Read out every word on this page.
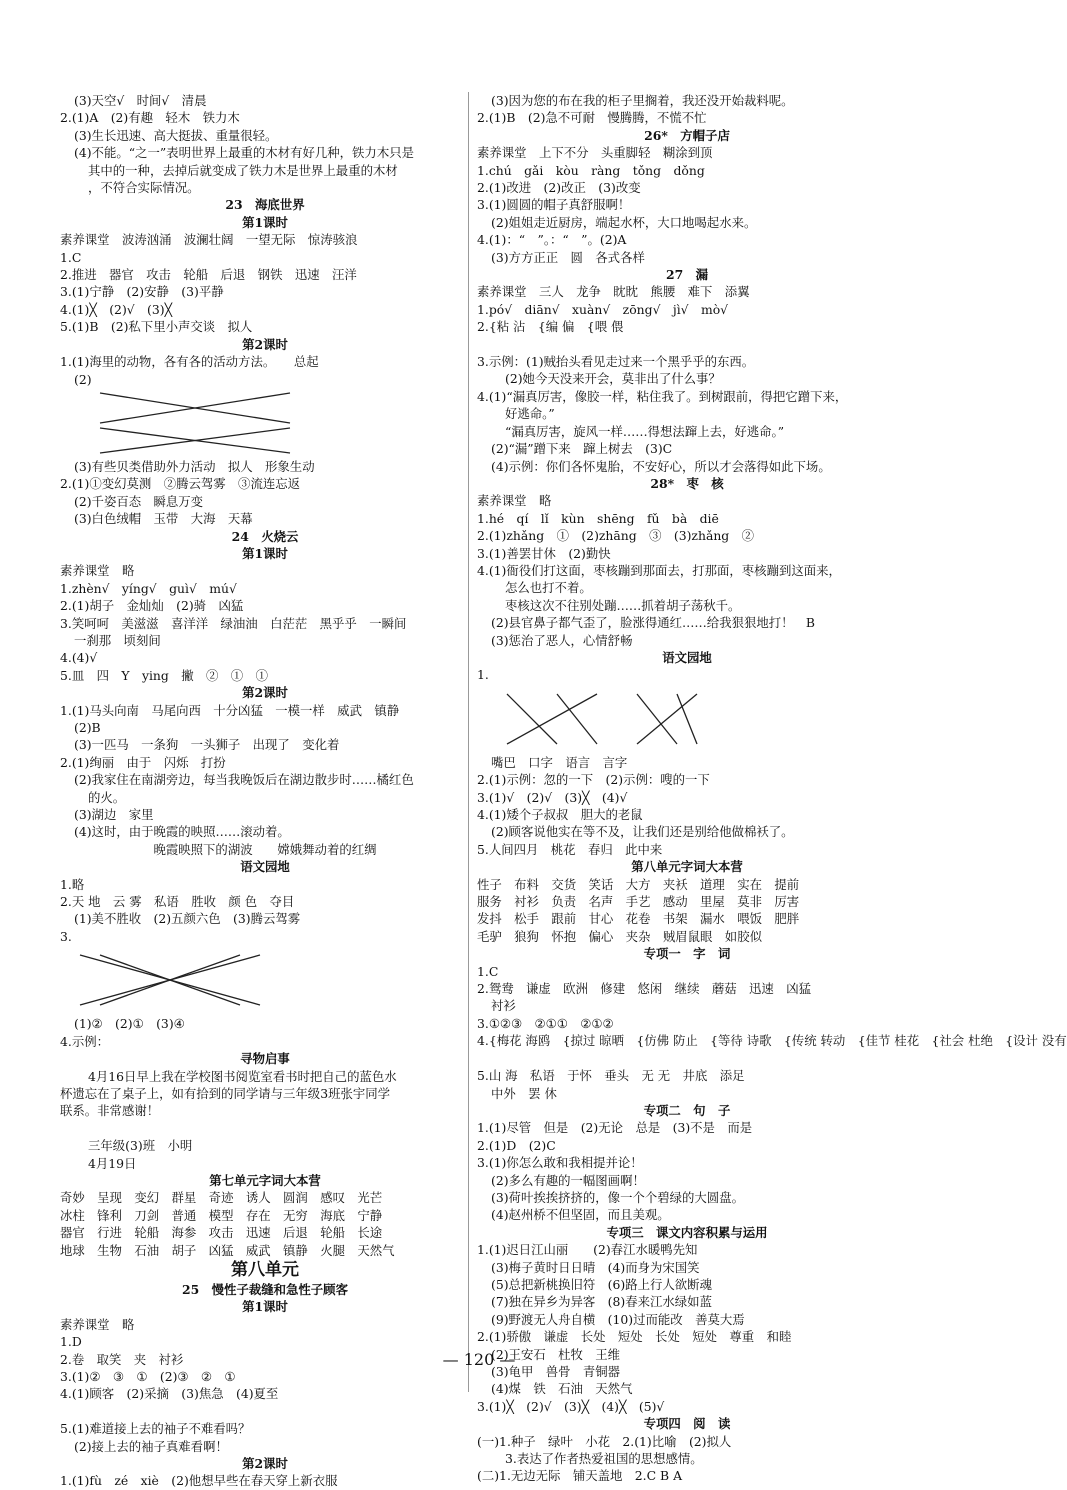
(3)天空√　时间√　清晨
2.(1)A　(2)有趣　轻木　铁力木
(3)生长迅速、高大挺拔、重量很轻。
(4)不能。“之一”表明世界上最重的木材有好几种，铁力木只是
其中的一种，去掉后就变成了铁力木是世界上最重的木材
，不符合实际情况。
23　海底世界
第1课时
素养课堂　波涛汹涌　波澜壮阔　一望无际　惊涛骇浪
1.C
2.推进　器官　攻击　轮船　后退　钢铁　迅速　汪洋
3.(1)宁静　(2)安静　(3)平静
4.(1)╳　(2)√　(3)╳
5.(1)B　(2)私下里小声交谈　拟人
第2课时
1.(1)海里的动物，各有各的活动方法。　　总起
(2)
(3)有些贝类借助外力活动　拟人　形象生动
2.(1)①变幻莫测　②腾云驾雾　③流连忘返
(2)千姿百态　瞬息万变
(3)白色绒帽　玉带　大海　天幕
24　火烧云
第1课时
素养课堂　略
1.zhèn√　yíng√　guì√　mú√
2.(1)胡子　金灿灿　(2)骑　凶猛
3.笑呵呵　美滋滋　喜洋洋　绿油油　白茫茫　黑乎乎　一瞬间
一刹那　顷刻间
4.(4)√
5.皿　四　Y　ying　撇　②　①　①
第2课时
1.(1)马头向南　马尾向西　十分凶猛　一模一样　威武　镇静
(2)B
(3)一匹马　一条狗　一头狮子　出现了　变化着
2.(1)绚丽　由于　闪烁　打扮
(2)我家住在南湖旁边，每当我晚饭后在湖边散步时……橘红色
的火。
(3)湖边　家里
(4)这时，由于晚霞的映照……滚动着。
晚霞映照下的湖波　　嫦娥舞动着的红绸
语文园地
1.略
2.天 地　云 雾　私语　胜收　颜 色　夺目
(1)美不胜收　(2)五颜六色　(3)腾云驾雾
3.
(1)②　(2)①　(3)④
4.示例：
寻物启事
4月16日早上我在学校图书阅览室看书时把自己的蓝色水
杯遗忘在了桌子上，如有拾到的同学请与三年级3班张宇同学
联系。非常感谢！
三年级(3)班　小明
4月19日
第七单元字词大本营
奇妙　呈现　变幻　群星　奇迹　诱人　圆润　感叹　光芒
冰柱　锋利　刀剑　普通　模型　存在　无穷　海底　宁静
器官　行进　轮船　海参　攻击　迅速　后退　轮船　长途
地球　生物　石油　胡子　凶猛　威武　镇静　火腿　天然气
第八单元
25　慢性子裁缝和急性子顾客
第1课时
素养课堂　略
1.D
2.卷　取笑　夹　衬衫
3.(1)②　③　①　(2)③　②　①
4.(1)顾客　(2)采摘　(3)焦急　(4)夏至
5.(1)难道接上去的袖子不难看吗？
(2)接上去的袖子真难看啊！
第2课时
1.(1)fù　zé　xiè　(2)他想早些在春天穿上新衣服
(3)因为您的布在我的柜子里搁着，我还没开始裁料呢。
2.(1)B　(2)急不可耐　慢腾腾，不慌不忙
26*　方帽子店
素养课堂　上下不分　头重脚轻　糊涂到顶
1.chú　gǎi　kòu　ràng　tǒng　dǒng
2.(1)改进　(2)改正　(3)改变
3.(1)圆圆的帽子真舒服啊！
(2)姐姐走近厨房，端起水杯，大口地喝起水来。
4.(1)：“　”。：“　”。(2)A
(3)方方正正　圆　各式各样
27　漏
素养课堂　三人　龙争　眈眈　熊腰　难下　添翼
1.pó√　diān√　xuàn√　zōng√　jì√　mò√
2.{粘 沾　{编 偏　{喂 偎
3.示例：(1)贼抬头看见走过来一个黑乎乎的东西。
(2)她今天没来开会，莫非出了什么事？
4.(1)“漏真厉害，像胶一样，粘住我了。到树跟前，得把它蹭下来，
好逃命。”
“漏真厉害，旋风一样……得想法蹿上去，好逃命。”
(2)“漏”蹭下来　蹿上树去　(3)C
(4)示例：你们各怀鬼胎，不安好心，所以才会落得如此下场。
28*　枣　核
素养课堂　略
1.hé　qí　lǐ　kùn　shēng　fǔ　bà　diē
2.(1)zhǎng　①　(2)zhāng　③　(3)zhǎng　②
3.(1)善罢甘休　(2)勤快
4.(1)衙役们打这面，枣核蹦到那面去，打那面，枣核蹦到这面来，
怎么也打不着。
枣核这次不往别处蹦……抓着胡子荡秋千。
(2)县官鼻子都气歪了，脸涨得通红……给我狠狠地打！　B
(3)惩治了恶人，心情舒畅
语文园地
1.
嘴巴　口字　语言　言字
2.(1)示例：忽的一下　(2)示例：嗖的一下
3.(1)√　(2)√　(3)╳　(4)√
4.(1)矮个子叔叔　胆大的老鼠
(2)顾客说他实在等不及，让我们还是别给他做棉袄了。
5.人间四月　桃花　春归　此中来
第八单元字词大本营
性子　布料　交货　笑话　大方　夹袄　道理　实在　提前
服务　衬衫　负责　名声　手艺　感动　里屋　莫非　厉害
发抖　松手　跟前　甘心　花卷　书架　漏水　喂饭　肥胖
毛驴　狼狗　怀抱　偏心　夹杂　贼眉鼠眼　如胶似
专项一　字　词
1.C
2.鸳鸯　谦虚　欧洲　修建　悠闲　继续　蘑菇　迅速　凶猛
衬衫
3.①②③　②①①　②①②
4.{梅花 海鸥　{掠过 晾晒　{仿佛 防止　{等待 诗歌　{传统 转动　{佳节 桂花　{社会 杜绝　{设计 没有
5.山 海　私语　于怀　垂头　无 无　井底　添足
中外　罢 休
专项二　句　子
1.(1)尽管　但是　(2)无论　总是　(3)不是　而是
2.(1)D　(2)C
3.(1)你怎么敢和我相提并论！
(2)多么有趣的一幅图画啊！
(3)荷叶挨挨挤挤的，像一个个碧绿的大圆盘。
(4)赵州桥不但坚固，而且美观。
专项三　课文内容积累与运用
1.(1)迟日江山丽　　(2)春江水暖鸭先知
(3)梅子黄时日日晴　(4)而身为宋国笑
(5)总把新桃换旧符　(6)路上行人欲断魂
(7)独在异乡为异客　(8)春来江水绿如蓝
(9)野渡无人舟自横　(10)过而能改　善莫大焉
2.(1)骄傲　谦虚　长处　短处　长处　短处　尊重　和睦
(2)王安石　杜牧　王维
(3)龟甲　兽骨　青铜器
(4)煤　铁　石油　天然气
3.(1)╳　(2)√　(3)╳　(4)╳　(5)√
专项四　阅　读
(一)1.种子　绿叶　小花　2.(1)比喻　(2)拟人
3.表达了作者热爱祖国的思想感情。
(二)1.无边无际　铺天盖地　2.C B A
— 120 —
